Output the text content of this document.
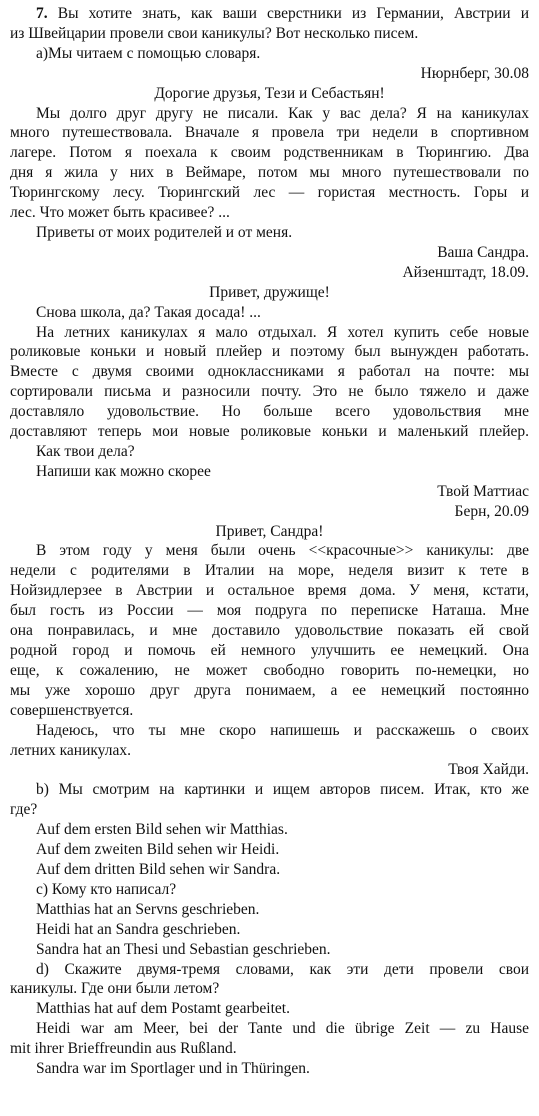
7. Вы хотите знать, как ваши сверстники из Германии, Австрии и
из Швейцарии провели свои каникулы? Вот несколько писем.
а)Мы читаем с помощью словаря.
Нюрнберг, 30.08
Дорогие друзья, Тези и Себастьян!
Мы долго друг другу не писали. Как у вас дела? Я на каникулах
много путешествовала. Вначале я провела три недели в спортивном
лагере. Потом я поехала к своим родственникам в Тюрингию. Два
дня я жила у них в Веймаре, потом мы много путешествовали по
Тюрингскому лесу. Тюрингский лес — гористая местность. Горы и
лес. Что может быть красивее? ...
Приветы от моих родителей и от меня.
Ваша Сандра.
Айзенштадт, 18.09.
Привет, дружище!
Снова школа, да? Такая досада! ...
На летних каникулах я мало отдыхал. Я хотел купить себе новые
роликовые коньки и новый плейер и поэтому был вынужден работать.
Вместе с двумя своими одноклассниками я работал на почте: мы
сортировали письма и разносили почту. Это не было тяжело и даже
доставляло удовольствие. Но больше всего удовольствия мне
доставляют теперь мои новые роликовые коньки и маленький плейер.
Как твои дела?
Напиши как можно скорее
Твой Маттиас
Берн, 20.09
Привет, Сандра!
В этом году у меня были очень <<красочные>> каникулы: две
недели с родителями в Италии на море, неделя визит к тете в
Нойзидлерзее в Австрии и остальное время дома. У меня, кстати,
был гость из России — моя подруга по переписке Наташа. Мне
она понравилась, и мне доставило удовольствие показать ей свой
родной город и помочь ей немного улучшить ее немецкий. Она
еще, к сожалению, не может свободно говорить по-немецки, но
мы уже хорошо друг друга понимаем, а ее немецкий постоянно
совершенствуется.
Надеюсь, что ты мне скоро напишешь и расскажешь о своих
летних каникулах.
Твоя Хайди.
b) Мы смотрим на картинки и ищем авторов писем. Итак, кто же
где?
Auf dem ersten Bild sehen wir Matthias.
Auf dem zweiten Bild sehen wir Heidi.
Auf dem dritten Bild sehen wir Sandra.
с) Кому кто написал?
Matthias hat an Servns geschrieben.
Heidi hat an Sandra geschrieben.
Sandra hat an Thesi und Sebastian geschrieben.
d) Скажите двумя-тремя словами, как эти дети провели свои
каникулы. Где они были летом?
Matthias hat auf dem Postamt gearbeitet.
Heidi war am Meer, bei der Tante und die übrige Zeit — zu Hause
mit ihrer Brieffreundin aus Rußland.
Sandra war im Sportlager und in Thüringen.
